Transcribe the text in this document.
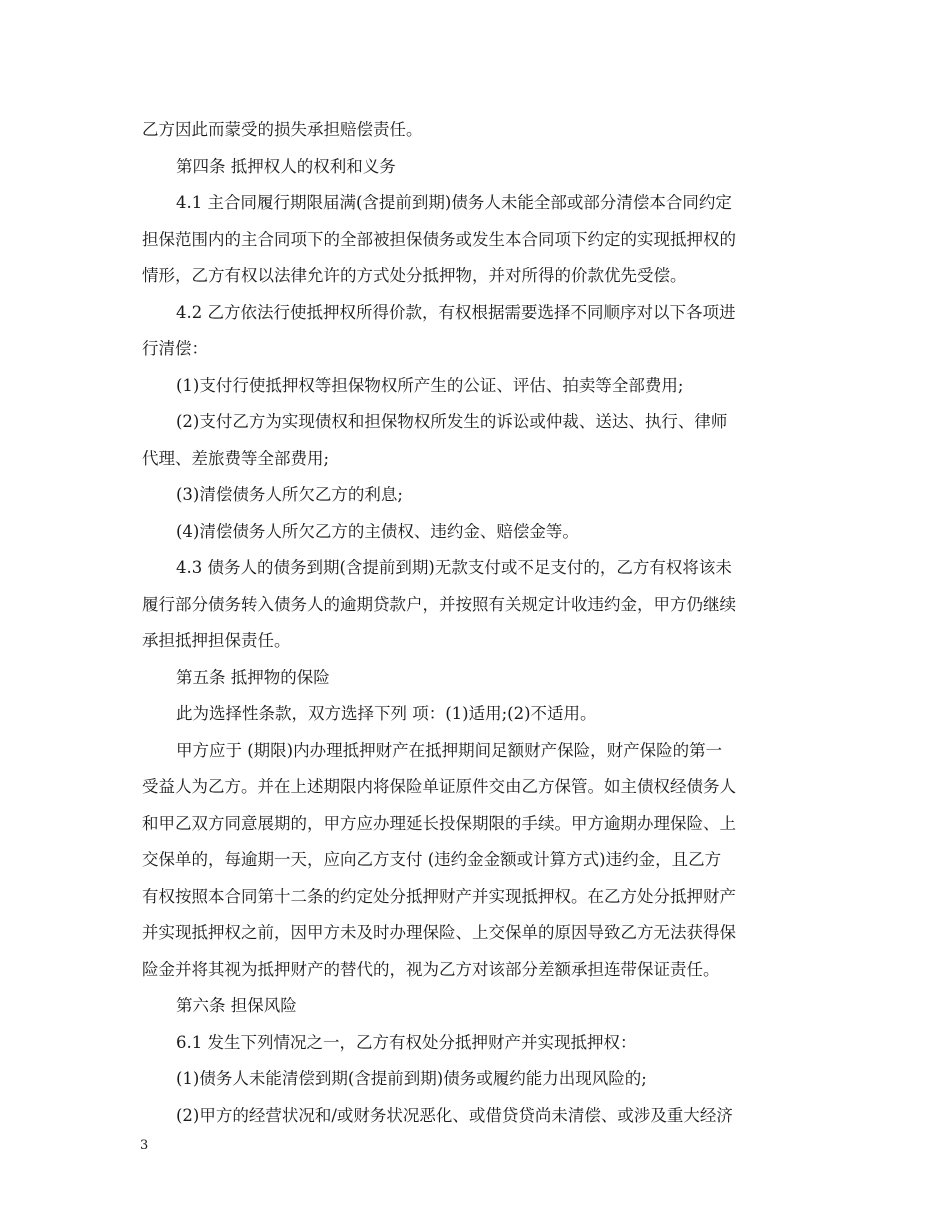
乙方因此而蒙受的损失承担赔偿责任。
第四条 抵押权人的权利和义务
4.1 主合同履行期限届满(含提前到期)债务人未能全部或部分清偿本合同约定
担保范围内的主合同项下的全部被担保债务或发生本合同项下约定的实现抵押权的
情形，乙方有权以法律允许的方式处分抵押物，并对所得的价款优先受偿。
4.2 乙方依法行使抵押权所得价款，有权根据需要选择不同顺序对以下各项进
行清偿：
(1)支付行使抵押权等担保物权所产生的公证、评估、拍卖等全部费用;
(2)支付乙方为实现债权和担保物权所发生的诉讼或仲裁、送达、执行、律师
代理、差旅费等全部费用;
(3)清偿债务人所欠乙方的利息;
(4)清偿债务人所欠乙方的主债权、违约金、赔偿金等。
4.3 债务人的债务到期(含提前到期)无款支付或不足支付的，乙方有权将该未
履行部分债务转入债务人的逾期贷款户，并按照有关规定计收违约金，甲方仍继续
承担抵押担保责任。
第五条 抵押物的保险
此为选择性条款，双方选择下列 项：(1)适用;(2)不适用。
甲方应于 (期限)内办理抵押财产在抵押期间足额财产保险，财产保险的第一
受益人为乙方。并在上述期限内将保险单证原件交由乙方保管。如主债权经债务人
和甲乙双方同意展期的，甲方应办理延长投保期限的手续。甲方逾期办理保险、上
交保单的，每逾期一天，应向乙方支付 (违约金金额或计算方式)违约金，且乙方
有权按照本合同第十二条的约定处分抵押财产并实现抵押权。在乙方处分抵押财产
并实现抵押权之前，因甲方未及时办理保险、上交保单的原因导致乙方无法获得保
险金并将其视为抵押财产的替代的，视为乙方对该部分差额承担连带保证责任。
第六条 担保风险
6.1 发生下列情况之一，乙方有权处分抵押财产并实现抵押权：
(1)债务人未能清偿到期(含提前到期)债务或履约能力出现风险的;
(2)甲方的经营状况和/或财务状况恶化、或借贷贷尚未清偿、或涉及重大经济
3
